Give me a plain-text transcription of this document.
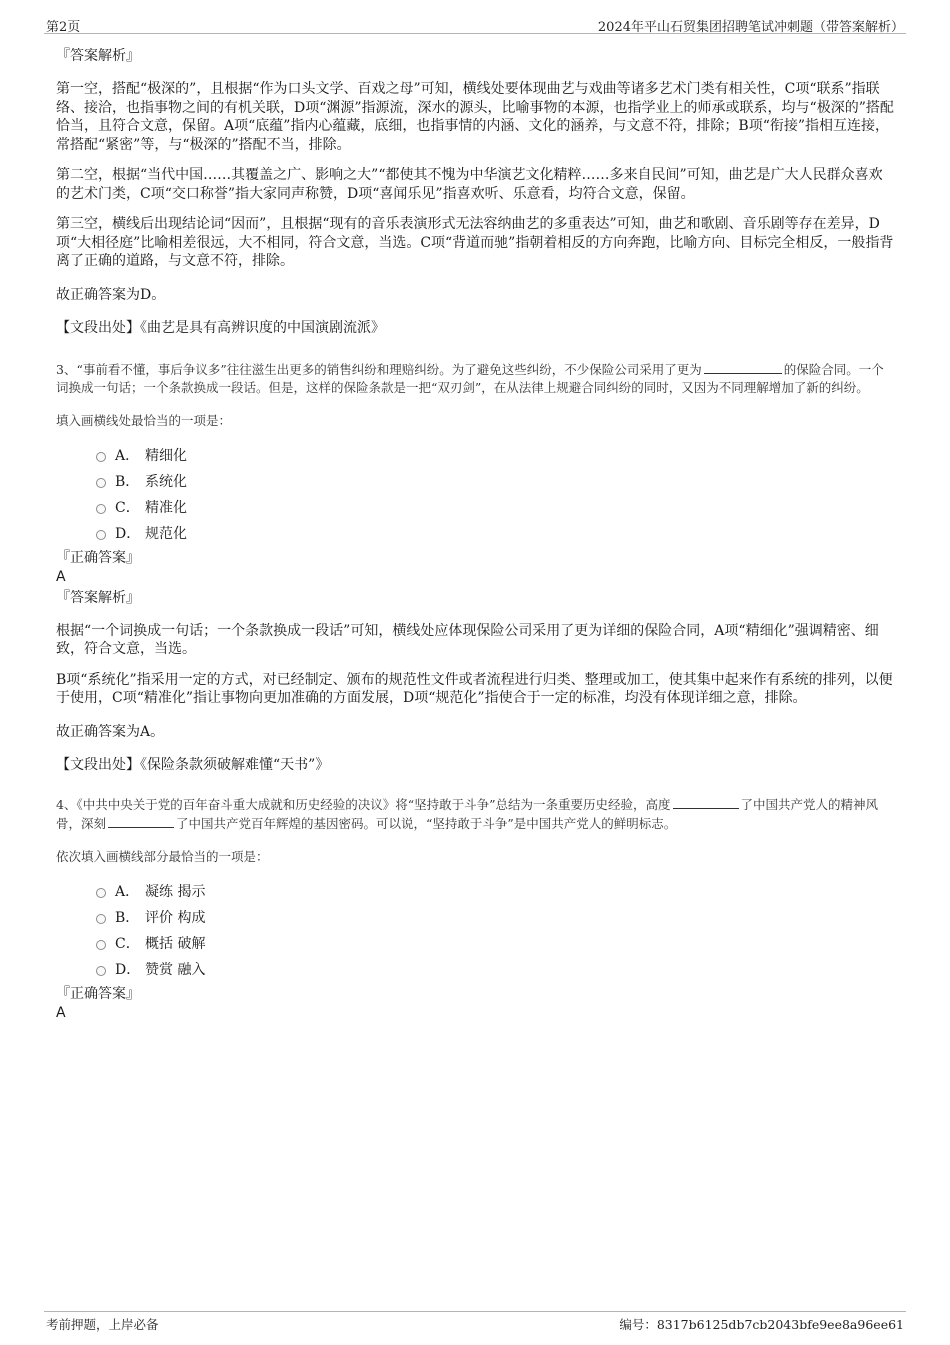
第2页	2024年平山石贸集团招聘笔试冲刺题（带答案解析）
『答案解析』

第一空，搭配“极深的”，且根据“作为口头文学、百戏之母”可知，横线处要体现曲艺与戏曲等诸多艺术门类有相关性，C项“联系”指联络、接洽，也指事物之间的有机关联，D项“渊源”指源流，深水的源头，比喻事物的本源，也指学业上的师承或联系，均与“极深的”搭配恰当，且符合文意，保留。A项“底蕴”指内心蕴藏，底细，也指事情的内涵、文化的涵养，与文意不符，排除；B项“衔接”指相互连接，常搭配“紧密”等，与“极深的”搭配不当，排除。

第二空，根据“当代中国……其覆盖之广、影响之大”“都使其不愧为中华演艺文化精粹……多来自民间”可知，曲艺是广大人民群众喜欢的艺术门类，C项“交口称誉”指大家同声称赞，D项“喜闻乐见”指喜欢听、乐意看，均符合文意，保留。

第三空，横线后出现结论词“因而”，且根据“现有的音乐表演形式无法容纳曲艺的多重表达”可知，曲艺和歌剧、音乐剧等存在差异，D项“大相径庭”比喻相差很远，大不相同，符合文意，当选。C项“背道而驰”指朝着相反的方向奔跑，比喻方向、目标完全相反，一般指背离了正确的道路，与文意不符，排除。

故正确答案为D。

【文段出处】《曲艺是具有高辨识度的中国演剧流派》

3、“事前看不懂，事后争议多”往往滋生出更多的销售纠纷和理赔纠纷。为了避免这些纠纷，不少保险公司采用了更为	的保险合同。一个词换成一句话；一个条款换成一段话。但是，这样的保险条款是一把“双刃剑”，在从法律上规避合同纠纷的同时，又因为不同理解增加了新的纠纷。

填入画横线处最恰当的一项是：

A． 精细化
B． 系统化
C． 精准化
D． 规范化
『正确答案』
A
『答案解析』

根据“一个词换成一句话；一个条款换成一段话”可知，横线处应体现保险公司采用了更为详细的保险合同，A项“精细化”强调精密、细致，符合文意，当选。

B项“系统化”指采用一定的方式，对已经制定、颁布的规范性文件或者流程进行归类、整理或加工，使其集中起来作有系统的排列，以便于使用，C项“精准化”指让事物向更加准确的方面发展，D项“规范化”指使合于一定的标准，均没有体现详细之意，排除。

故正确答案为A。

【文段出处】《保险条款须破解难懂“天书”》

4、《中共中央关于党的百年奋斗重大成就和历史经验的决议》将“坚持敢于斗争”总结为一条重要历史经验，高度	了中国共产党人的精神风骨，深刻	了中国共产党百年辉煌的基因密码。可以说，“坚持敢于斗争”是中国共产党人的鲜明标志。

依次填入画横线部分最恰当的一项是：

A． 凝练 揭示
B． 评价 构成
C． 概括 破解
D． 赞赏 融入
『正确答案』
A
考前押题，上岸必备	编号：8317b6125db7cb2043bfe9ee8a96ee61
